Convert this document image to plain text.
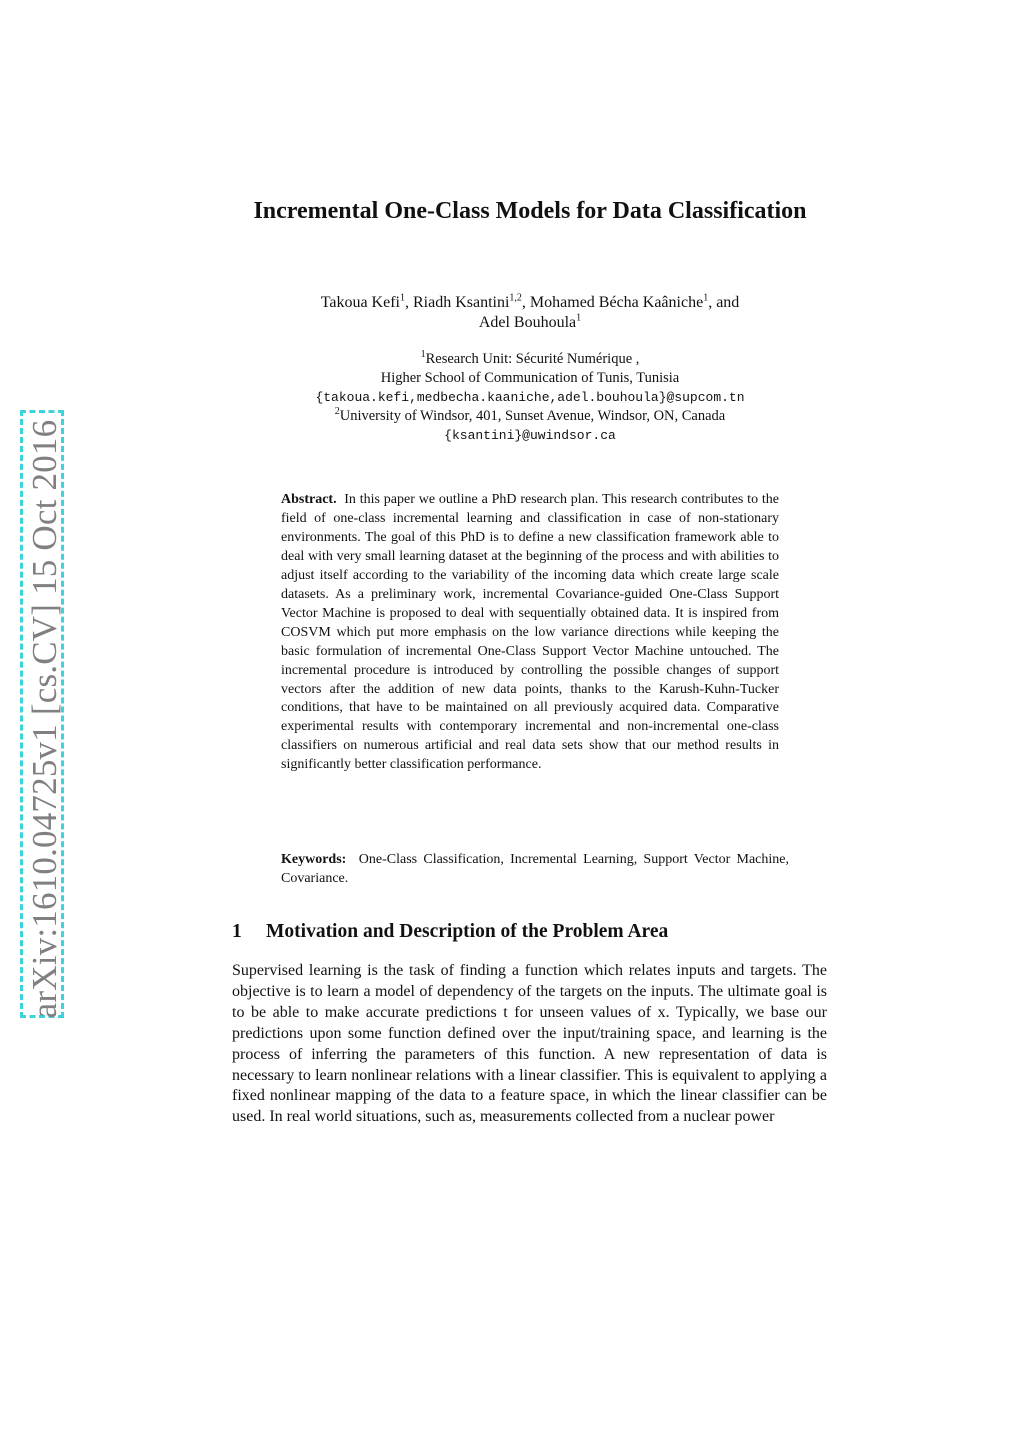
arXiv:1610.04725v1 [cs.CV] 15 Oct 2016
Incremental One-Class Models for Data Classification
Takoua Kefi$^1$, Riadh Ksantini$^{1,2}$, Mohamed Bécha Kaâniche$^1$, and
Adel Bouhoula$^1$
$^1$Research Unit: Sécurité Numérique ,
Higher School of Communication of Tunis, Tunisia
{takoua.kefi,medbecha.kaaniche,adel.bouhoula}@supcom.tn
$^2$University of Windsor, 401, Sunset Avenue, Windsor, ON, Canada
{ksantini}@uwindsor.ca
Abstract. In this paper we outline a PhD research plan. This research contributes to the field of one-class incremental learning and classification in case of non-stationary environments. The goal of this PhD is to define a new classification framework able to deal with very small learning dataset at the beginning of the process and with abilities to adjust itself according to the variability of the incoming data which create large scale datasets. As a preliminary work, incremental Covariance-guided One-Class Support Vector Machine is proposed to deal with sequentially obtained data. It is inspired from COSVM which put more emphasis on the low variance directions while keeping the basic formulation of incremental One-Class Support Vector Machine untouched. The incremental procedure is introduced by controlling the possible changes of support vectors after the addition of new data points, thanks to the Karush-Kuhn-Tucker conditions, that have to be maintained on all previously acquired data. Comparative experimental results with contemporary incremental and non-incremental one-class classifiers on numerous artificial and real data sets show that our method results in significantly better classification performance.
Keywords: One-Class Classification, Incremental Learning, Support Vector Machine, Covariance.
1 Motivation and Description of the Problem Area
Supervised learning is the task of finding a function which relates inputs and targets. The objective is to learn a model of dependency of the targets on the inputs. The ultimate goal is to be able to make accurate predictions t for unseen values of x. Typically, we base our predictions upon some function defined over the input/training space, and learning is the process of inferring the parameters of this function. A new representation of data is necessary to learn nonlinear relations with a linear classifier. This is equivalent to applying a fixed nonlinear mapping of the data to a feature space, in which the linear classifier can be used. In real world situations, such as, measurements collected from a nuclear power
